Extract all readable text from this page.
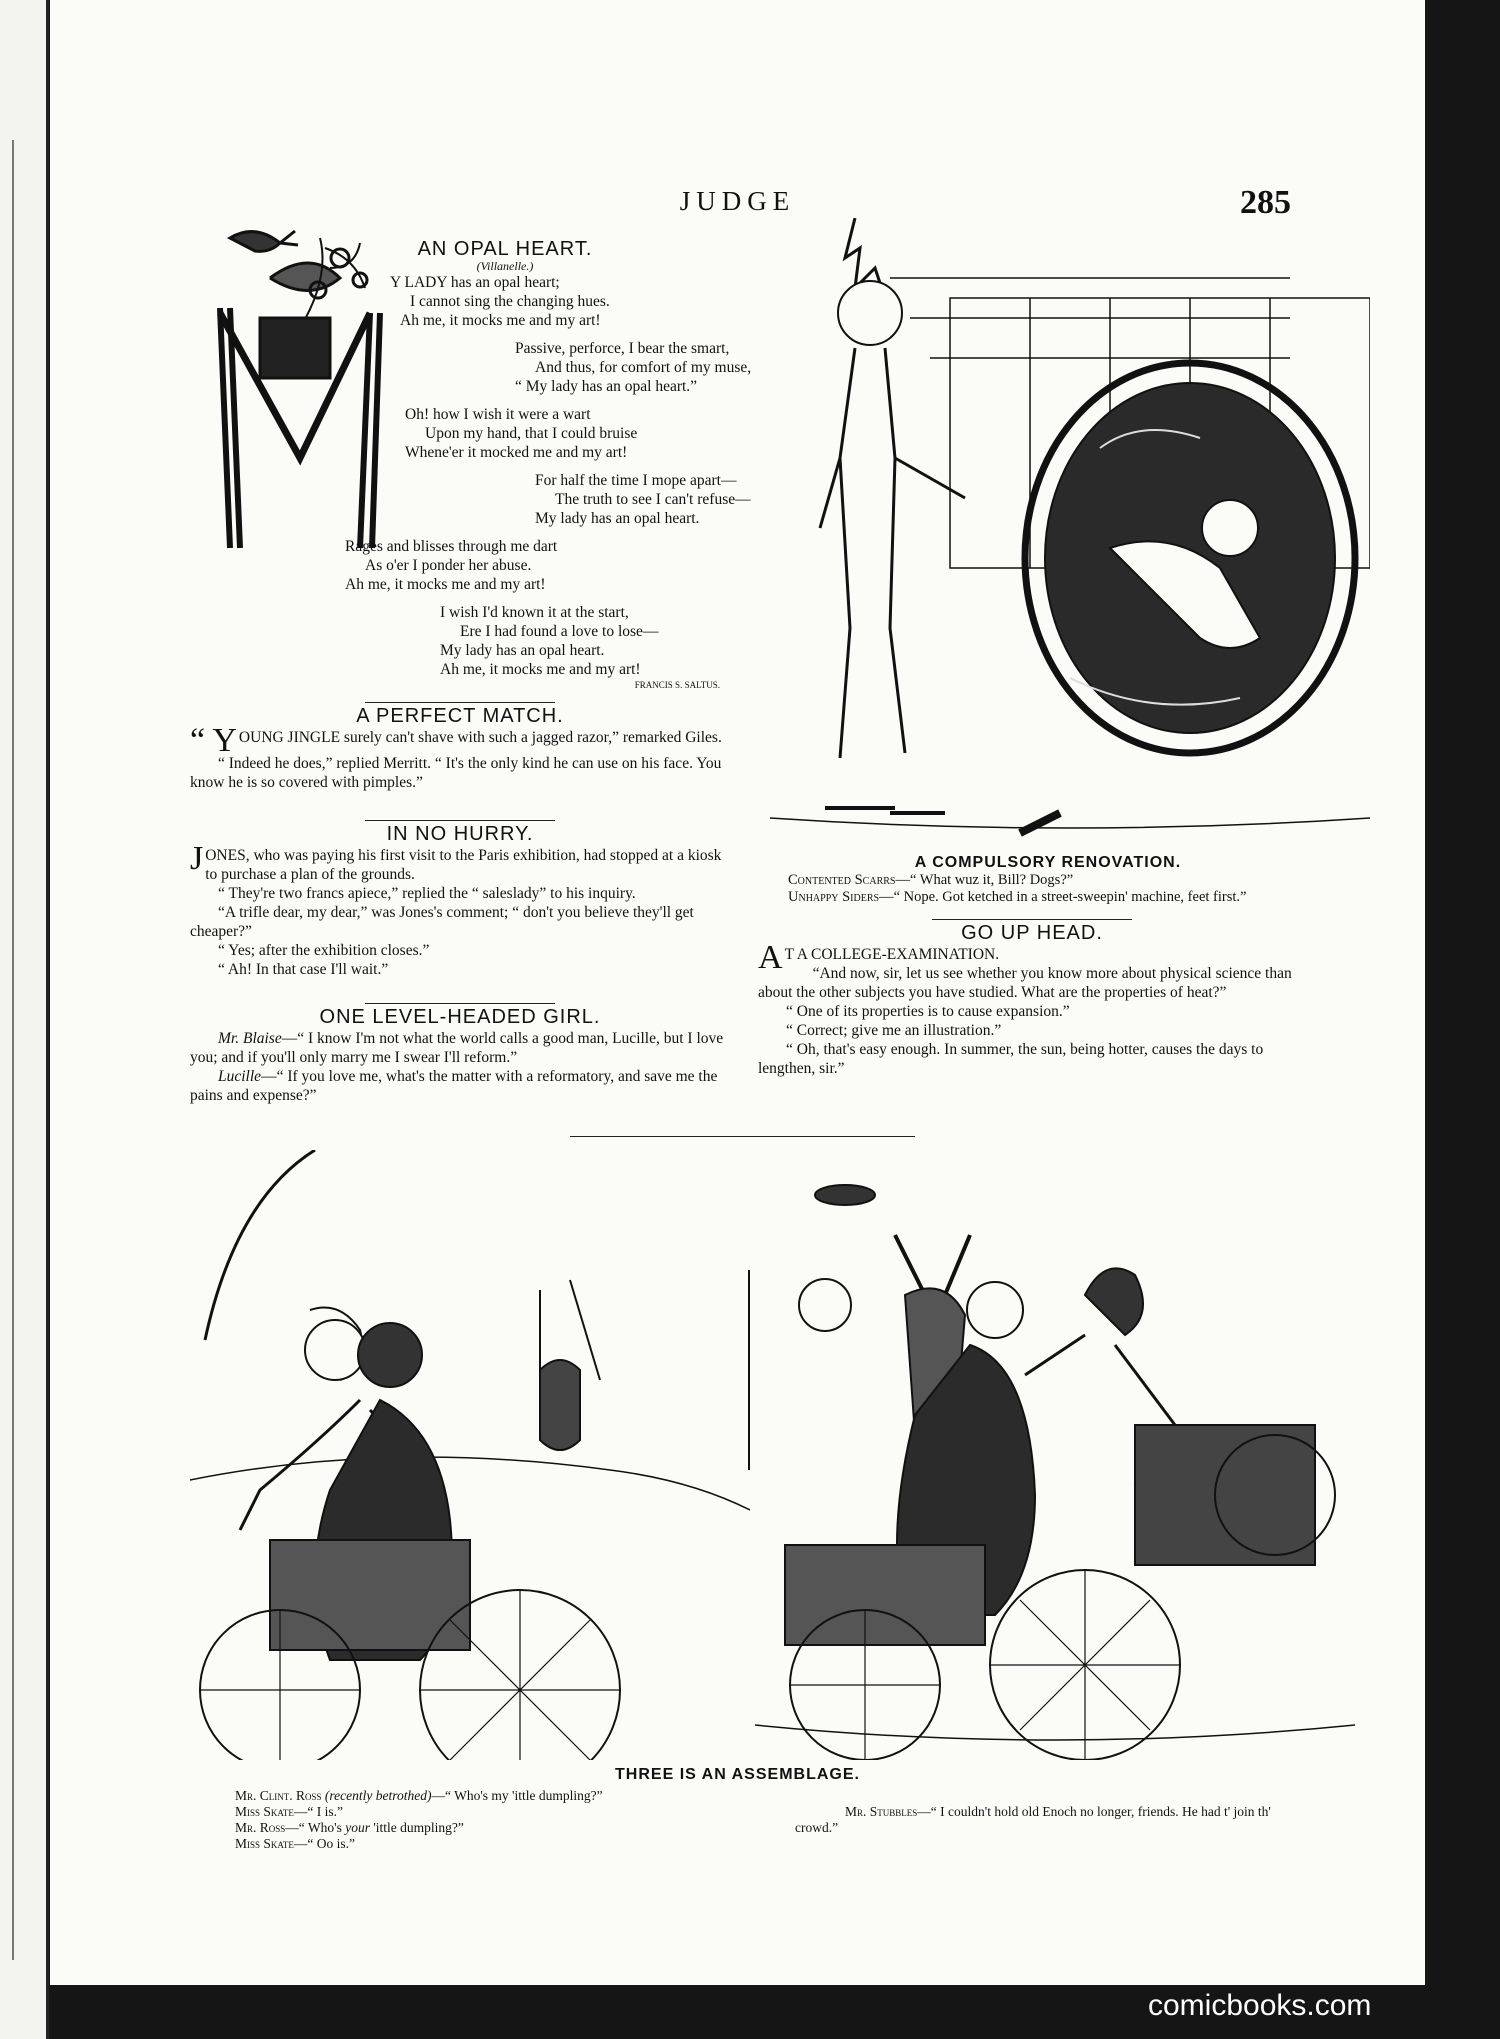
JUDGE	285
AN OPAL HEART.

(Villanelle.)

Y LADY has an opal heart;

I cannot sing the changing hues.

Ah me, it mocks me and my art!

Passive, perforce, I bear the smart,

And thus, for comfort of my muse,

“ My lady has an opal heart.”

Oh! how I wish it were a wart

Upon my hand, that I could bruise

Whene'er it mocked me and my art!

For half the time I mope apart—

The truth to see I can't refuse—

My lady has an opal heart.

Rages and blisses through me dart

As o'er I ponder her abuse.

Ah me, it mocks me and my art!

I wish I'd known it at the start,

Ere I had found a love to lose—

My lady has an opal heart.

Ah me, it mocks me and my art!

FRANCIS S. SALTUS.

A PERFECT MATCH.

“ Y OUNG JINGLE surely can't shave with such a jagged razor,” remarked Giles.

“ Indeed he does,” replied Merritt. “ It's the only kind he can use on his face. You know he is so covered with pimples.”

IN NO HURRY.

JONES, who was paying his first visit to the Paris exhibition, had stopped at a kiosk to purchase a plan of the grounds.

“ They're two francs apiece,” replied the “ saleslady” to his inquiry.

“A trifle dear, my dear,” was Jones's comment; “ don't you believe they'll get cheaper?”

“ Yes; after the exhibition closes.”

“ Ah! In that case I'll wait.”

ONE LEVEL-HEADED GIRL.

Mr. Blaise—“ I know I'm not what the world calls a good man, Lucille, but I love you; and if you'll only marry me I swear I'll reform.”

Lucille—“ If you love me, what's the matter with a reformatory, and save me the pains and expense?”

A COMPULSORY RENOVATION.

Contented Scarrs—“ What wuz it, Bill? Dogs?”

Unhappy Siders—“ Nope. Got ketched in a street-sweepin' machine, feet first.”

GO UP HEAD.

A T A COLLEGE-EXAMINATION.

“And now, sir, let us see whether you know more about physical science than about the other subjects you have studied. What are the properties of heat?”

“ One of its properties is to cause expansion.”

“ Correct; give me an illustration.”

“ Oh, that's easy enough. In summer, the sun, being hotter, causes the days to lengthen, sir.”

THREE IS AN ASSEMBLAGE.

Mr. Clint. Ross (recently betrothed)—“ Who's my 'ittle dumpling?”

Miss Skate—“ I is.”

Mr. Ross—“ Who's your 'ittle dumpling?”

Miss Skate—“ Oo is.”

Mr. Stubbles—“ I couldn't hold old Enoch no longer, friends. He had t' join th' crowd.”

comicbooks.com
